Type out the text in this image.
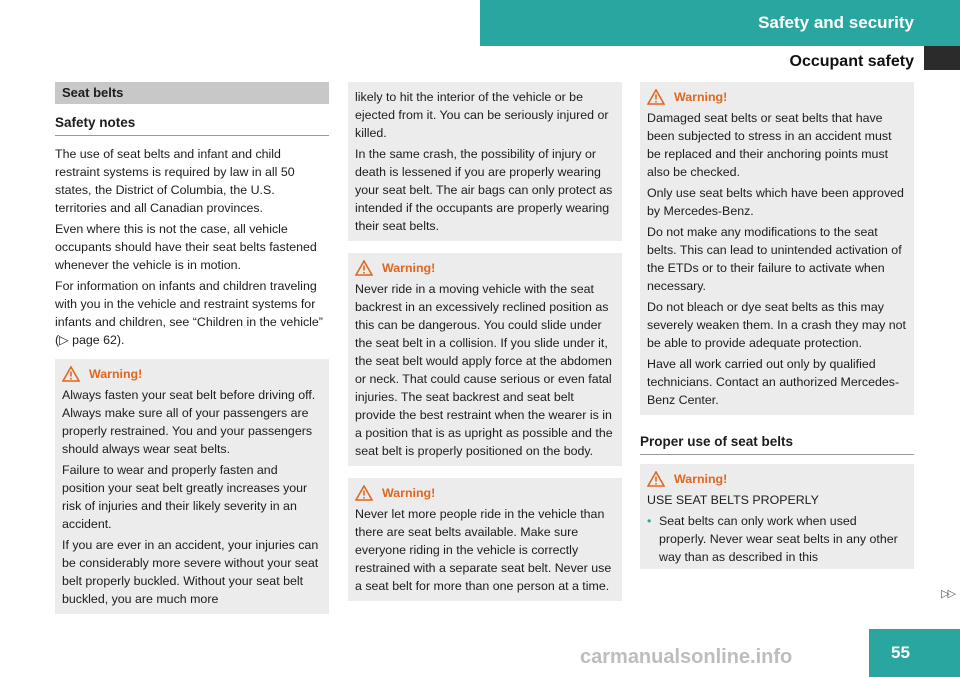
Safety and security
Occupant safety
Seat belts
Safety notes

The use of seat belts and infant and child restraint systems is required by law in all 50 states, the District of Columbia, the U.S. territories and all Canadian provinces.

Even where this is not the case, all vehicle occupants should have their seat belts fastened whenever the vehicle is in motion.

For information on infants and children traveling with you in the vehicle and restraint systems for infants and children, see “Children in the vehicle” (▷ page 62).

Warning!

Always fasten your seat belt before driving off. Always make sure all of your passengers are properly restrained. You and your passengers should always wear seat belts.

Failure to wear and properly fasten and position your seat belt greatly increases your risk of injuries and their likely severity in an accident.

If you are ever in an accident, your injuries can be considerably more severe without your seat belt properly buckled. Without your seat belt buckled, you are much more

likely to hit the interior of the vehicle or be ejected from it. You can be seriously injured or killed.

In the same crash, the possibility of injury or death is lessened if you are properly wearing your seat belt. The air bags can only protect as intended if the occupants are properly wearing their seat belts.

Warning!

Never ride in a moving vehicle with the seat backrest in an excessively reclined position as this can be dangerous. You could slide under the seat belt in a collision. If you slide under it, the seat belt would apply force at the abdomen or neck. That could cause serious or even fatal injuries. The seat backrest and seat belt provide the best restraint when the wearer is in a position that is as upright as possible and the seat belt is properly positioned on the body.

Warning!

Never let more people ride in the vehicle than there are seat belts available. Make sure everyone riding in the vehicle is correctly restrained with a separate seat belt. Never use a seat belt for more than one person at a time.

Warning!

Damaged seat belts or seat belts that have been subjected to stress in an accident must be replaced and their anchoring points must also be checked.

Only use seat belts which have been approved by Mercedes-Benz.

Do not make any modifications to the seat belts. This can lead to unintended activation of the ETDs or to their failure to activate when necessary.

Do not bleach or dye seat belts as this may severely weaken them. In a crash they may not be able to provide adequate protection.

Have all work carried out only by qualified technicians. Contact an authorized Mercedes-Benz Center.

Proper use of seat belts
Warning!

USE SEAT BELTS PROPERLY

• Seat belts can only work when used properly. Never wear seat belts in any other way than as described in this
▷▷
carmanualsonline.info	55
